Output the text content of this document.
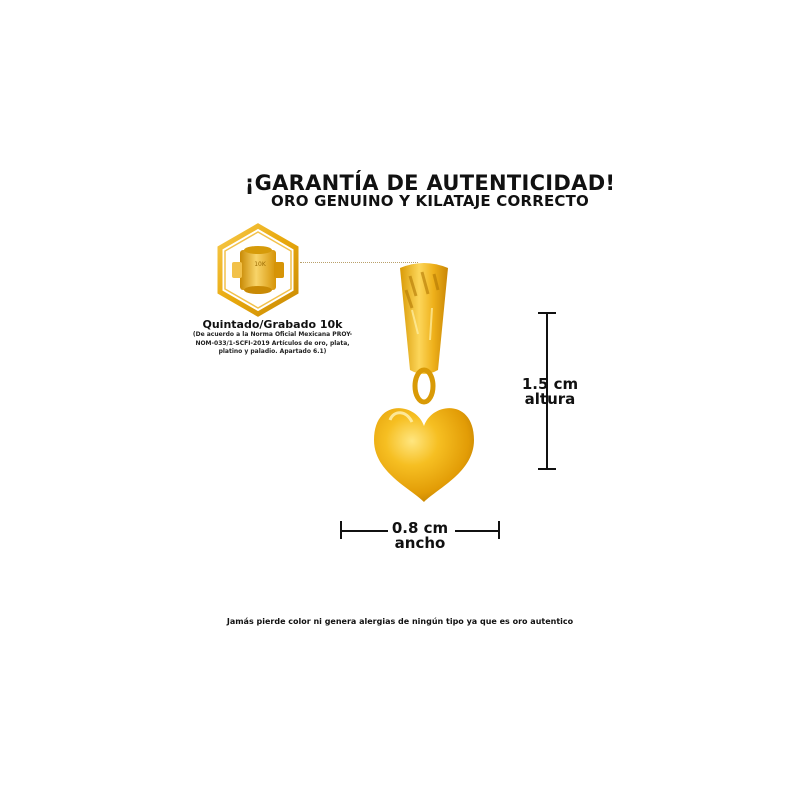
¡GARANTÍA DE AUTENTICIDAD!
ORO GENUINO Y KILATAJE CORRECTO
10K
Quintado/Grabado 10k
(De acuerdo a la Norma Oficial Mexicana PROY-NOM-033/1-SCFI-2019 Artículos de oro, plata, platino y paladio. Apartado 6.1)
1.5 cm
altura
0.8 cm
ancho
Jamás pierde color ni genera alergias de ningún tipo ya que es oro autentico
